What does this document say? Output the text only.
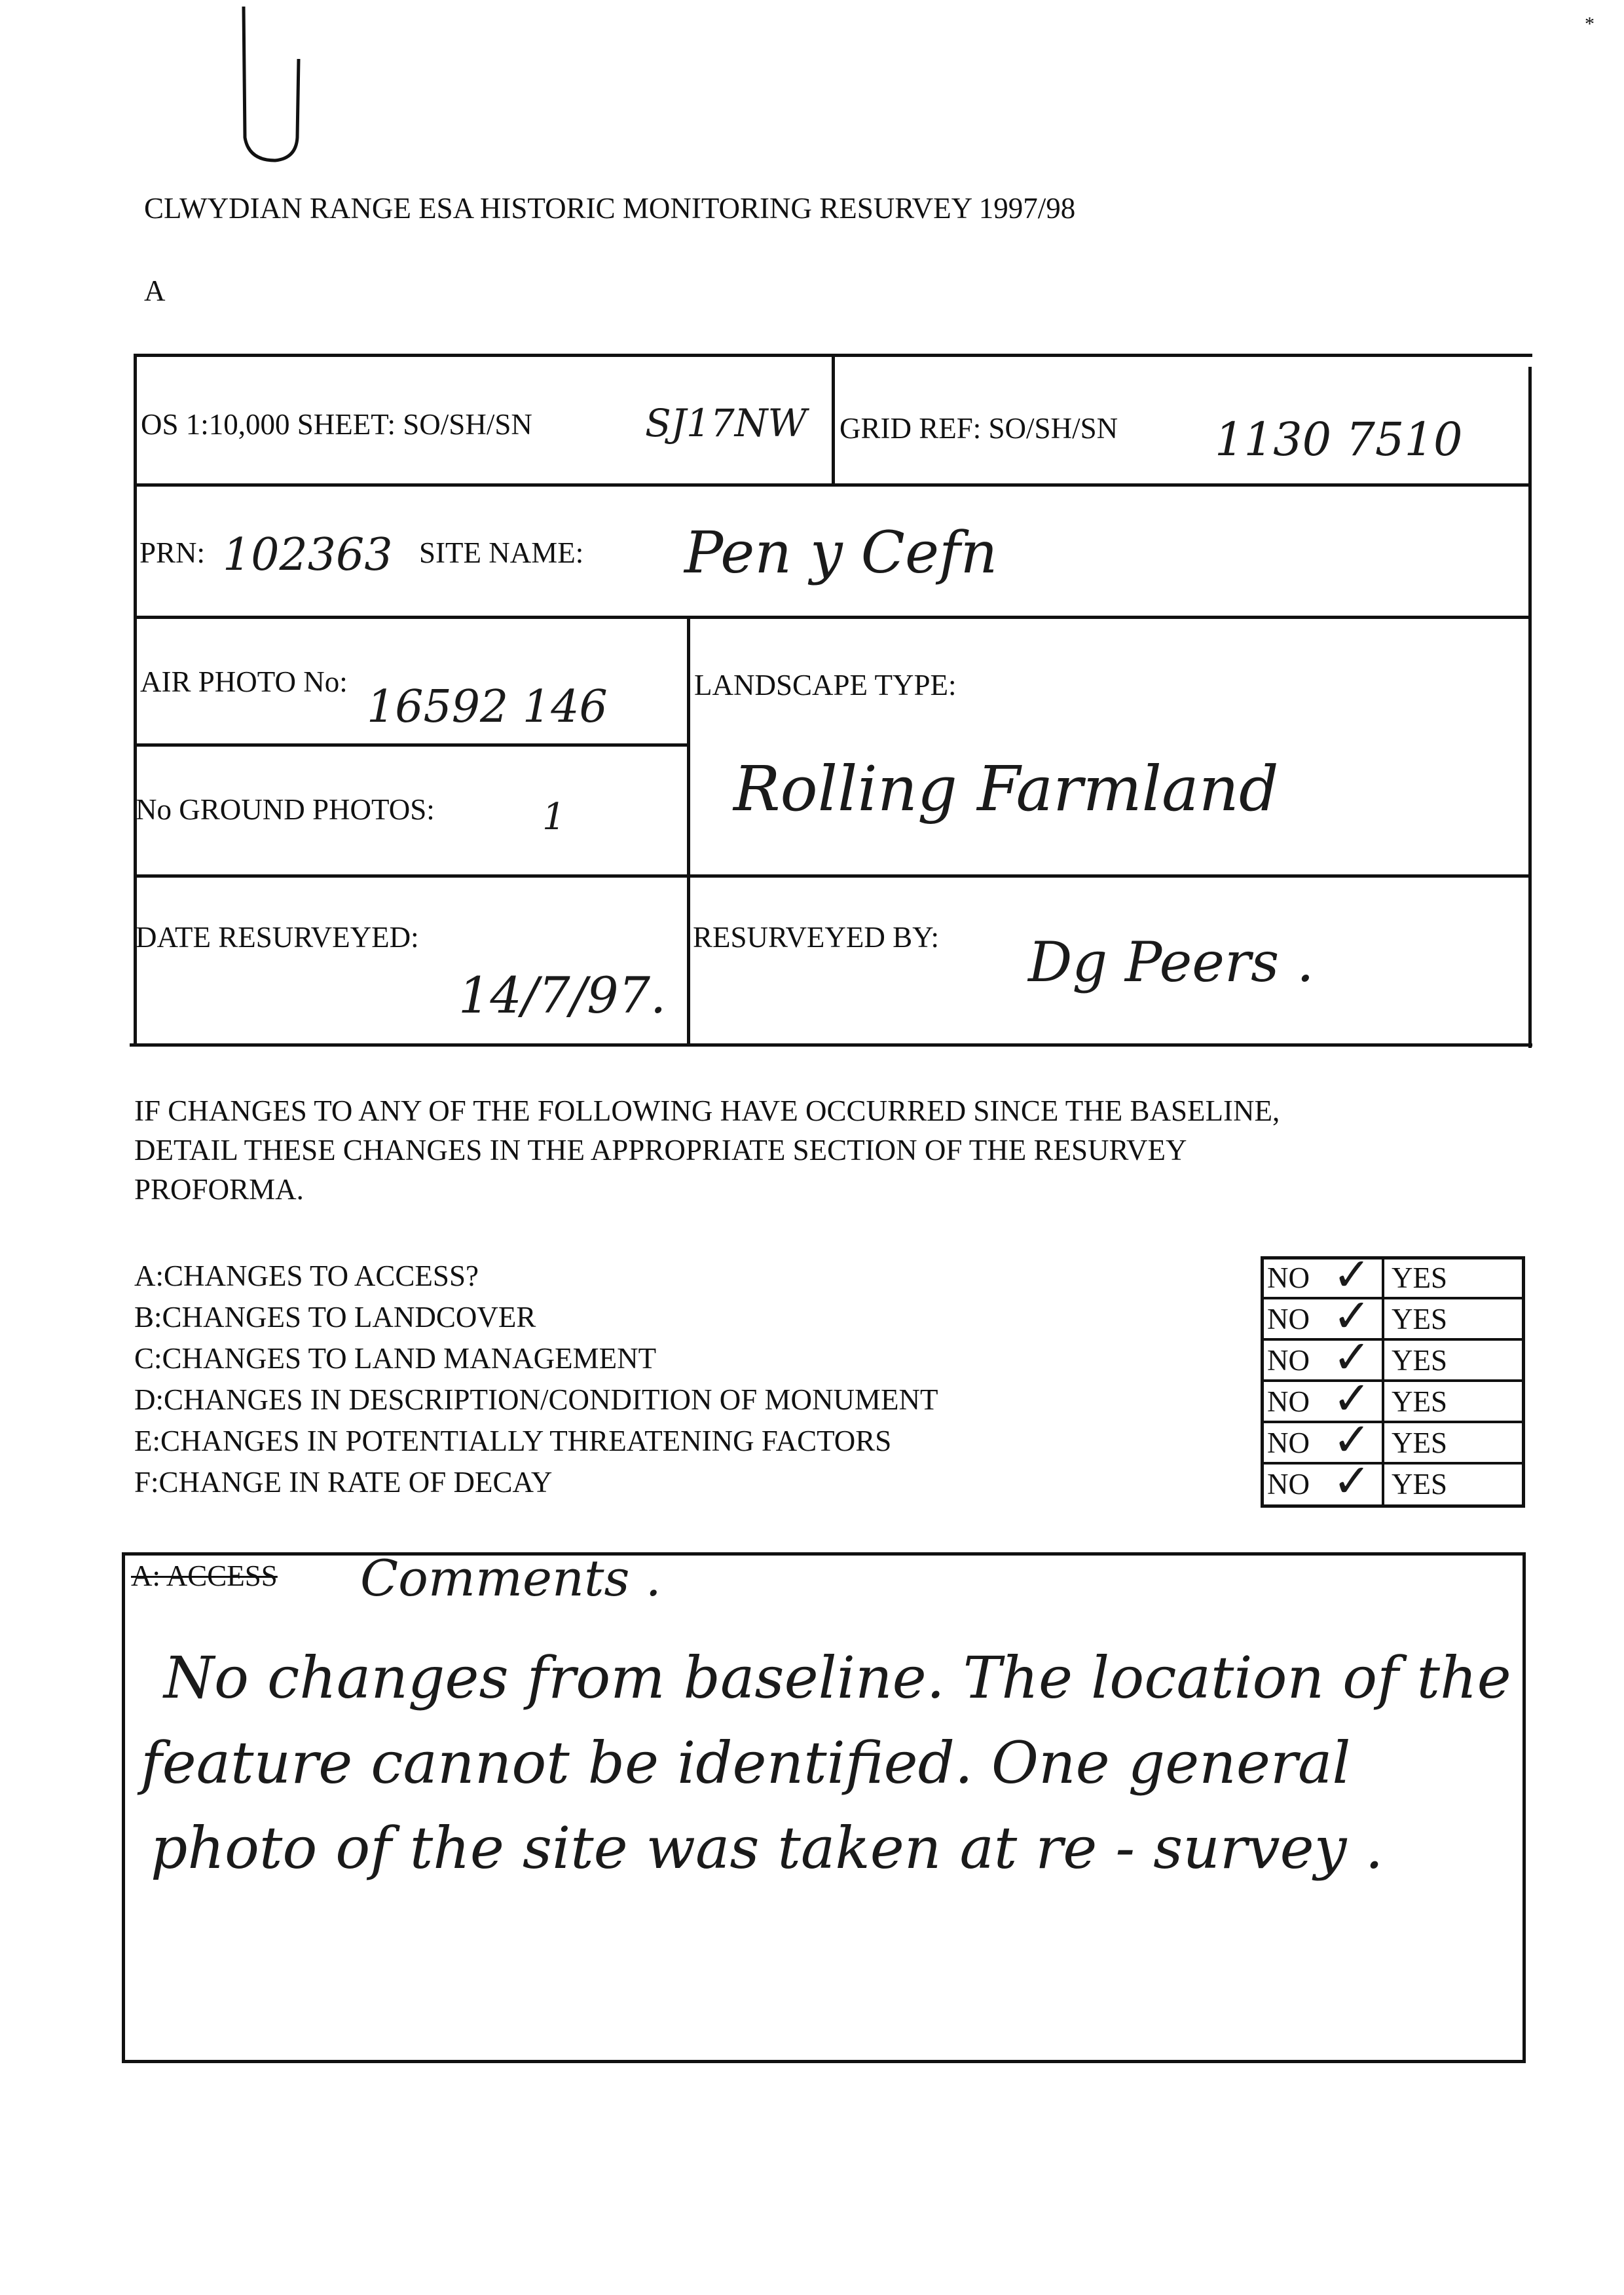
*
CLWYDIAN RANGE ESA HISTORIC MONITORING RESURVEY 1997/98
A
OS 1:10,000 SHEET: SO/SH/SN	SJ17NW GRID REF: SO/SH/SN 1130 7510
PRN: 102363 SITE NAME: Pen y Cefn
AIR PHOTO No: 16592 146	LANDSCAPE TYPE:
Rolling Farmland
No GROUND PHOTOS:	1
DATE RESURVEYED:
14/7/97.
RESURVEYED BY: Dg Peers .
IF CHANGES TO ANY OF THE FOLLOWING HAVE OCCURRED SINCE THE BASELINE,
DETAIL THESE CHANGES IN THE APPROPRIATE SECTION OF THE RESURVEY
PROFORMA.
A:CHANGES TO ACCESS?
B:CHANGES TO LANDCOVER
C:CHANGES TO LAND MANAGEMENT
D:CHANGES IN DESCRIPTION/CONDITION OF MONUMENT
E:CHANGES IN POTENTIALLY THREATENING FACTORS
F:CHANGE IN RATE OF DECAY
NO ✓ YES
NO ✓ YES
NO ✓ YES
NO ✓ YES
NO ✓ YES
NO ✓ YES
A: ACCESS Comments .
No changes from baseline. The location of the
feature cannot be identified. One general
photo of the site was taken at re - survey .
